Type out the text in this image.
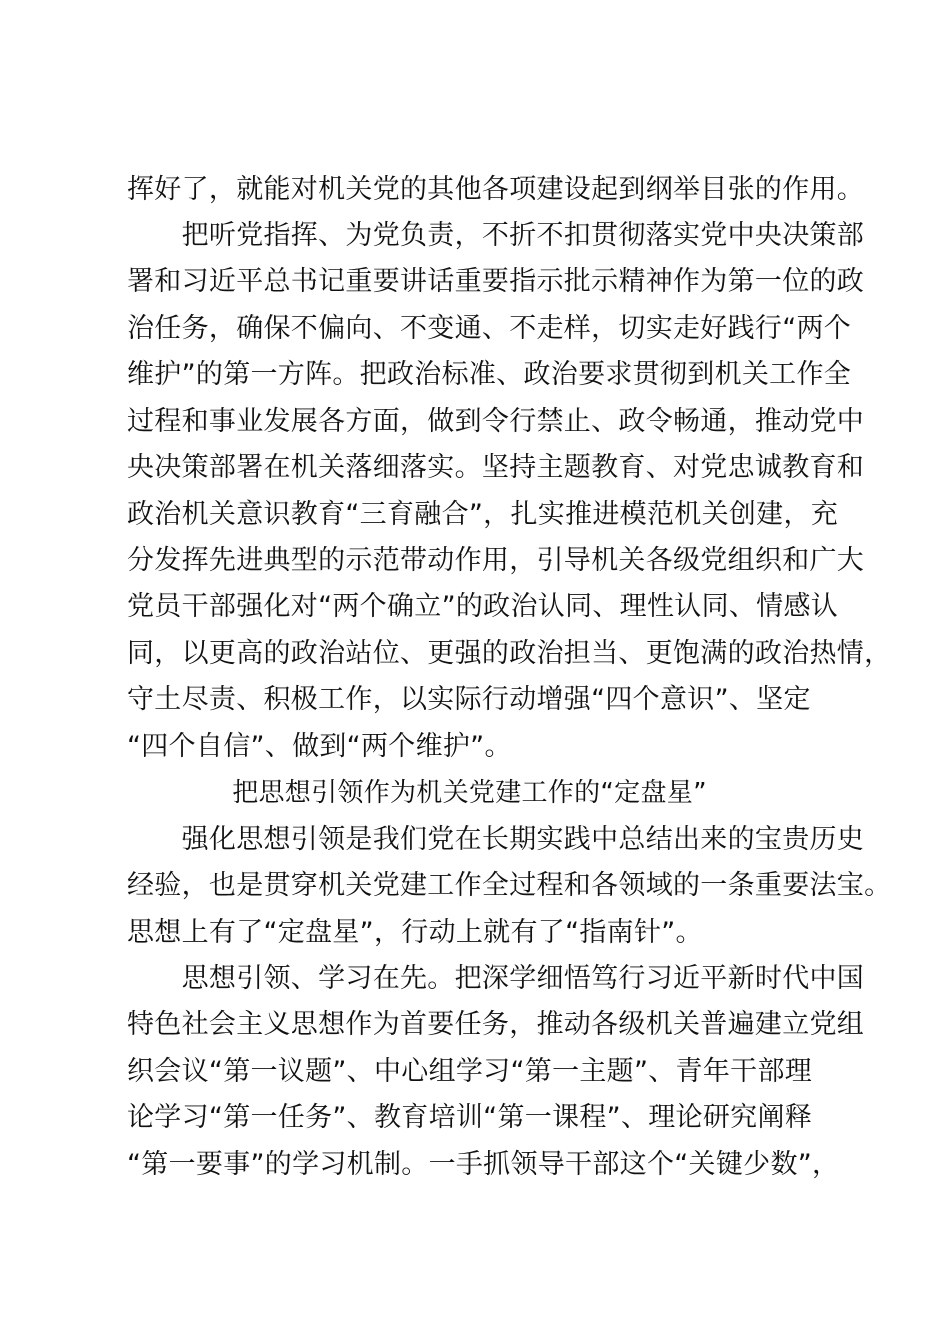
挥好了，就能对机关党的其他各项建设起到纲举目张的作用。
　　把听党指挥、为党负责，不折不扣贯彻落实党中央决策部
署和习近平总书记重要讲话重要指示批示精神作为第一位的政
治任务，确保不偏向、不变通、不走样，切实走好践行“两个
维护”的第一方阵。把政治标准、政治要求贯彻到机关工作全
过程和事业发展各方面，做到令行禁止、政令畅通，推动党中
央决策部署在机关落细落实。坚持主题教育、对党忠诚教育和
政治机关意识教育“三育融合”，扎实推进模范机关创建，充
分发挥先进典型的示范带动作用，引导机关各级党组织和广大
党员干部强化对“两个确立”的政治认同、理性认同、情感认
同，以更高的政治站位、更强的政治担当、更饱满的政治热情，
守土尽责、积极工作，以实际行动增强“四个意识”、坚定
“四个自信”、做到“两个维护”。
　　　　把思想引领作为机关党建工作的“定盘星”
　　强化思想引领是我们党在长期实践中总结出来的宝贵历史
经验，也是贯穿机关党建工作全过程和各领域的一条重要法宝。
思想上有了“定盘星”，行动上就有了“指南针”。
　　思想引领、学习在先。把深学细悟笃行习近平新时代中国
特色社会主义思想作为首要任务，推动各级机关普遍建立党组
织会议“第一议题”、中心组学习“第一主题”、青年干部理
论学习“第一任务”、教育培训“第一课程”、理论研究阐释
“第一要事”的学习机制。一手抓领导干部这个“关键少数”，
